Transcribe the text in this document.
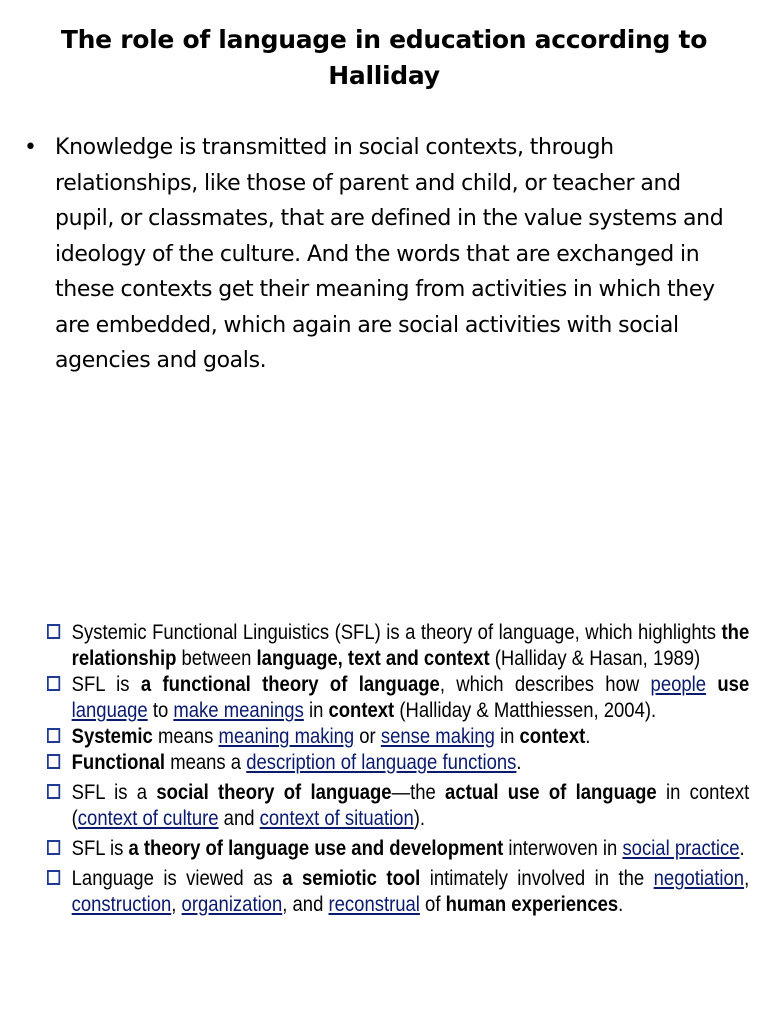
The role of language in education according to Halliday
• Knowledge is transmitted in social contexts, through relationships, like those of parent and child, or teacher and pupil, or classmates, that are defined in the value systems and ideology of the culture. And the words that are exchanged in these contexts get their meaning from activities in which they are embedded, which again are social activities with social agencies and goals.
Systemic Functional Linguistics (SFL) is a theory of language, which highlights the relationship between language, text and context (Halliday & Hasan, 1989)
SFL is a functional theory of language, which describes how people use language to make meanings in context (Halliday & Matthiessen, 2004).
Systemic means meaning making or sense making in context.
Functional means a description of language functions.
SFL is a social theory of language—the actual use of language in context (context of culture and context of situation).
SFL is a theory of language use and development interwoven in social practice.
Language is viewed as a semiotic tool intimately involved in the negotiation, construction, organization, and reconstrual of human experiences.
